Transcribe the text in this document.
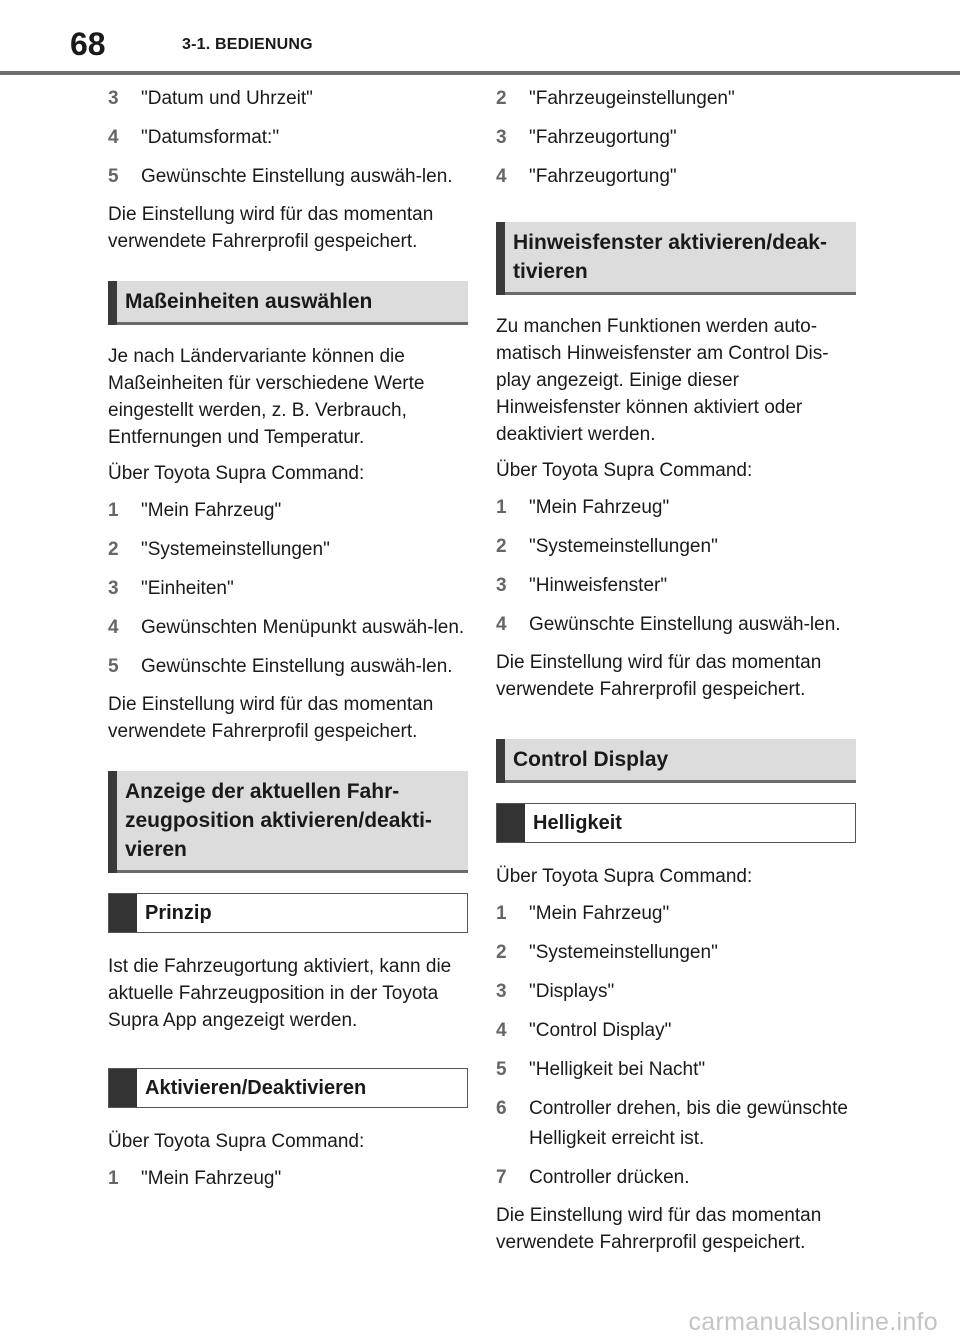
68	3-1. BEDIENUNG
3	"Datum und Uhrzeit"
4	"Datumsformat:"
5	Gewünschte Einstellung auswäh-len.

Die Einstellung wird für das momentan verwendete Fahrerprofil gespeichert.

Maßeinheiten auswählen

Je nach Ländervariante können die Maßeinheiten für verschiedene Werte eingestellt werden, z. B. Verbrauch, Entfernungen und Temperatur.

Über Toyota Supra Command:

1	"Mein Fahrzeug"
2	"Systemeinstellungen"
3	"Einheiten"
4	Gewünschten Menüpunkt auswäh-len.
5	Gewünschte Einstellung auswäh-len.

Die Einstellung wird für das momentan verwendete Fahrerprofil gespeichert.

Anzeige der aktuellen Fahr-zeugposition aktivieren/deakti-vieren
Prinzip

Ist die Fahrzeugortung aktiviert, kann die aktuelle Fahrzeugposition in der Toyota Supra App angezeigt werden.

Aktivieren/Deaktivieren

Über Toyota Supra Command:

1	"Mein Fahrzeug"
2	"Fahrzeugeinstellungen"
3	"Fahrzeugortung"
4	"Fahrzeugortung"
Hinweisfenster aktivieren/deak-tivieren

Zu manchen Funktionen werden auto-matisch Hinweisfenster am Control Dis-play angezeigt. Einige dieser Hinweisfenster können aktiviert oder deaktiviert werden.

Über Toyota Supra Command:

1	"Mein Fahrzeug"
2	"Systemeinstellungen"
3	"Hinweisfenster"
4	Gewünschte Einstellung auswäh-len.

Die Einstellung wird für das momentan verwendete Fahrerprofil gespeichert.

Control Display
Helligkeit

Über Toyota Supra Command:

1	"Mein Fahrzeug"
2	"Systemeinstellungen"
3	"Displays"
4	"Control Display"
5	"Helligkeit bei Nacht"
6	Controller drehen, bis die gewünschte Helligkeit erreicht ist.
7	Controller drücken.

Die Einstellung wird für das momentan verwendete Fahrerprofil gespeichert.

carmanualsonline.info
